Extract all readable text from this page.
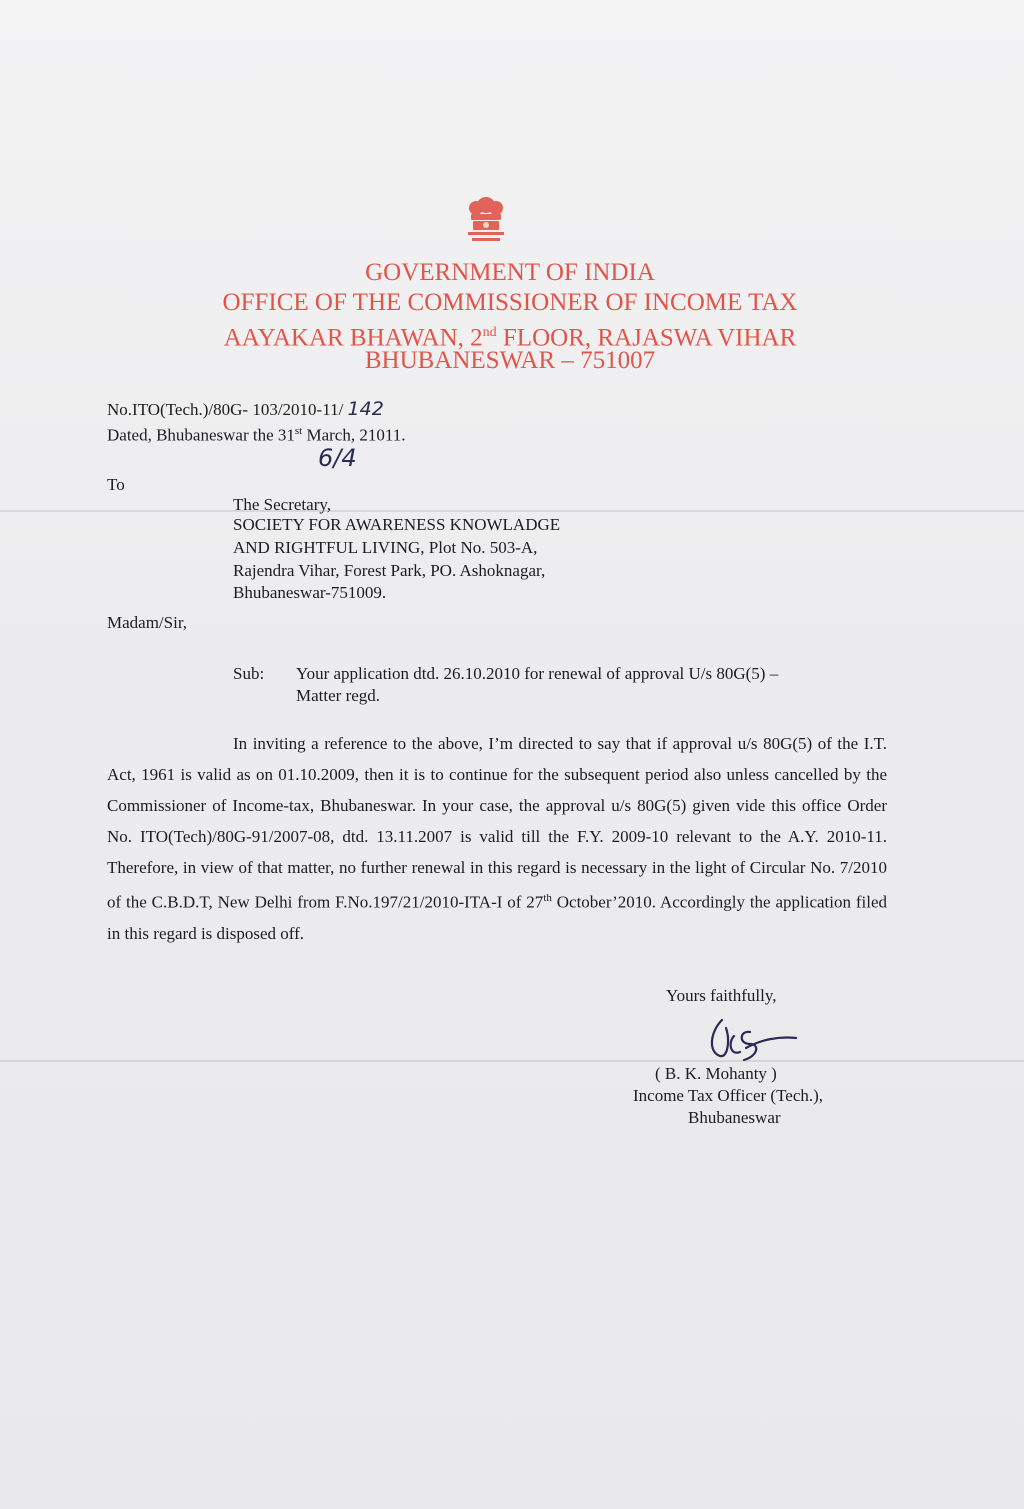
GOVERNMENT OF INDIA
OFFICE OF THE COMMISSIONER OF INCOME TAX
AAYAKAR BHAWAN, 2nd FLOOR, RAJASWA VIHAR
BHUBANESWAR – 751007
No.ITO(Tech.)/80G- 103/2010-11/ 142
Dated, Bhubaneswar the 31st March, 21011.
6/4
To
The Secretary,
SOCIETY FOR AWARENESS KNOWLADGE
AND RIGHTFUL LIVING, Plot No. 503-A,
Rajendra Vihar, Forest Park, PO. Ashoknagar,
Bhubaneswar-751009.
Madam/Sir,
Sub: Your application dtd. 26.10.2010 for renewal of approval U/s 80G(5) –
Matter regd.
In inviting a reference to the above, I’m directed to say that if approval u/s 80G(5) of the I.T. Act, 1961 is valid as on 01.10.2009, then it is to continue for the subsequent period also unless cancelled by the Commissioner of Income-tax, Bhubaneswar. In your case, the approval u/s 80G(5) given vide this office Order No. ITO(Tech)/80G-91/2007-08, dtd. 13.11.2007 is valid till the F.Y. 2009-10 relevant to the A.Y. 2010-11. Therefore, in view of that matter, no further renewal in this regard is necessary in the light of Circular No. 7/2010 of the C.B.D.T, New Delhi from F.No.197/21/2010-ITA-I of 27th October’2010. Accordingly the application filed in this regard is disposed off.
Yours faithfully,
( B. K. Mohanty )
Income Tax Officer (Tech.),
Bhubaneswar
